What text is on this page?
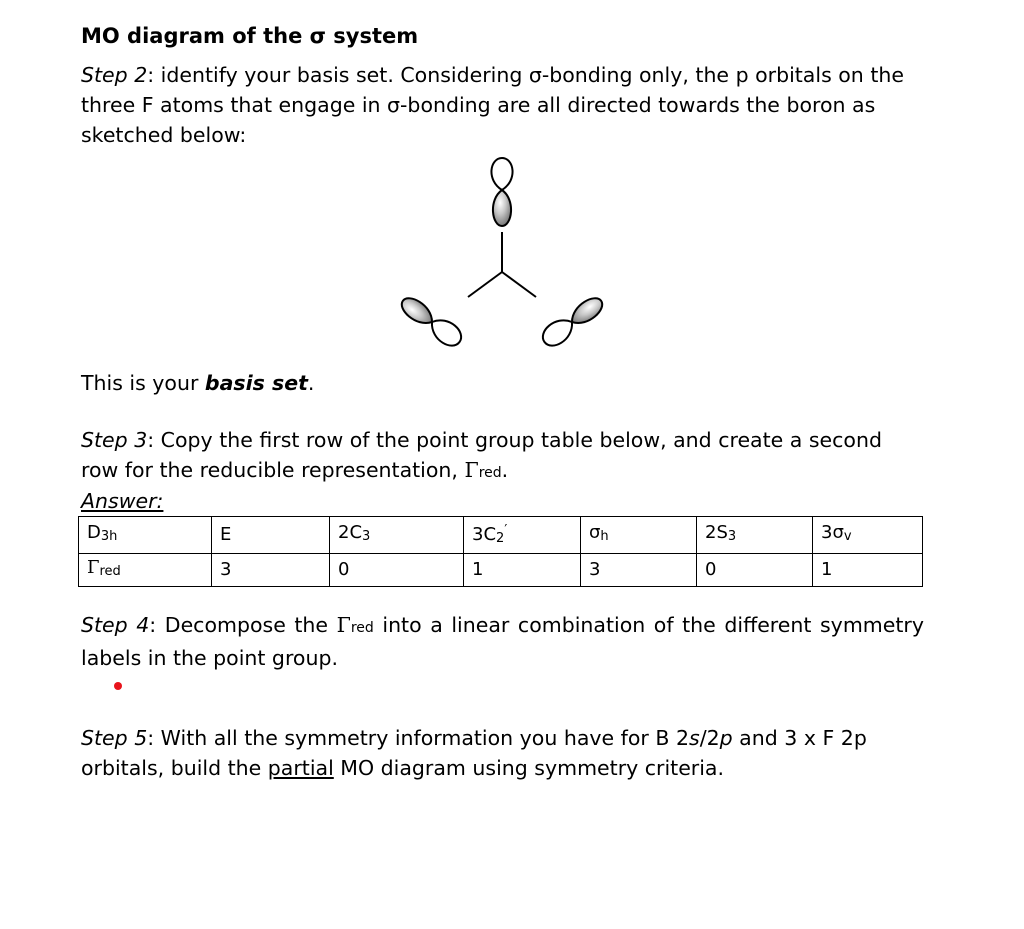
MO diagram of the σ system
Step 2: identify your basis set. Considering σ-bonding only, the p orbitals on the three F atoms that engage in σ-bonding are all directed towards the boron as sketched below:
This is your basis set.
Step 3: Copy the first row of the point group table below, and create a second row for the reducible representation, Γred.
Answer:
D3h	E	2C3	3C2′	σh	2S3	3σv
Γred	3	0	1	3	0	1
Step 4: Decompose the Γred into a linear combination of the different symmetry labels in the point group.
Step 5: With all the symmetry information you have for B 2s/2p and 3 x F 2p orbitals, build the partial MO diagram using symmetry criteria.
